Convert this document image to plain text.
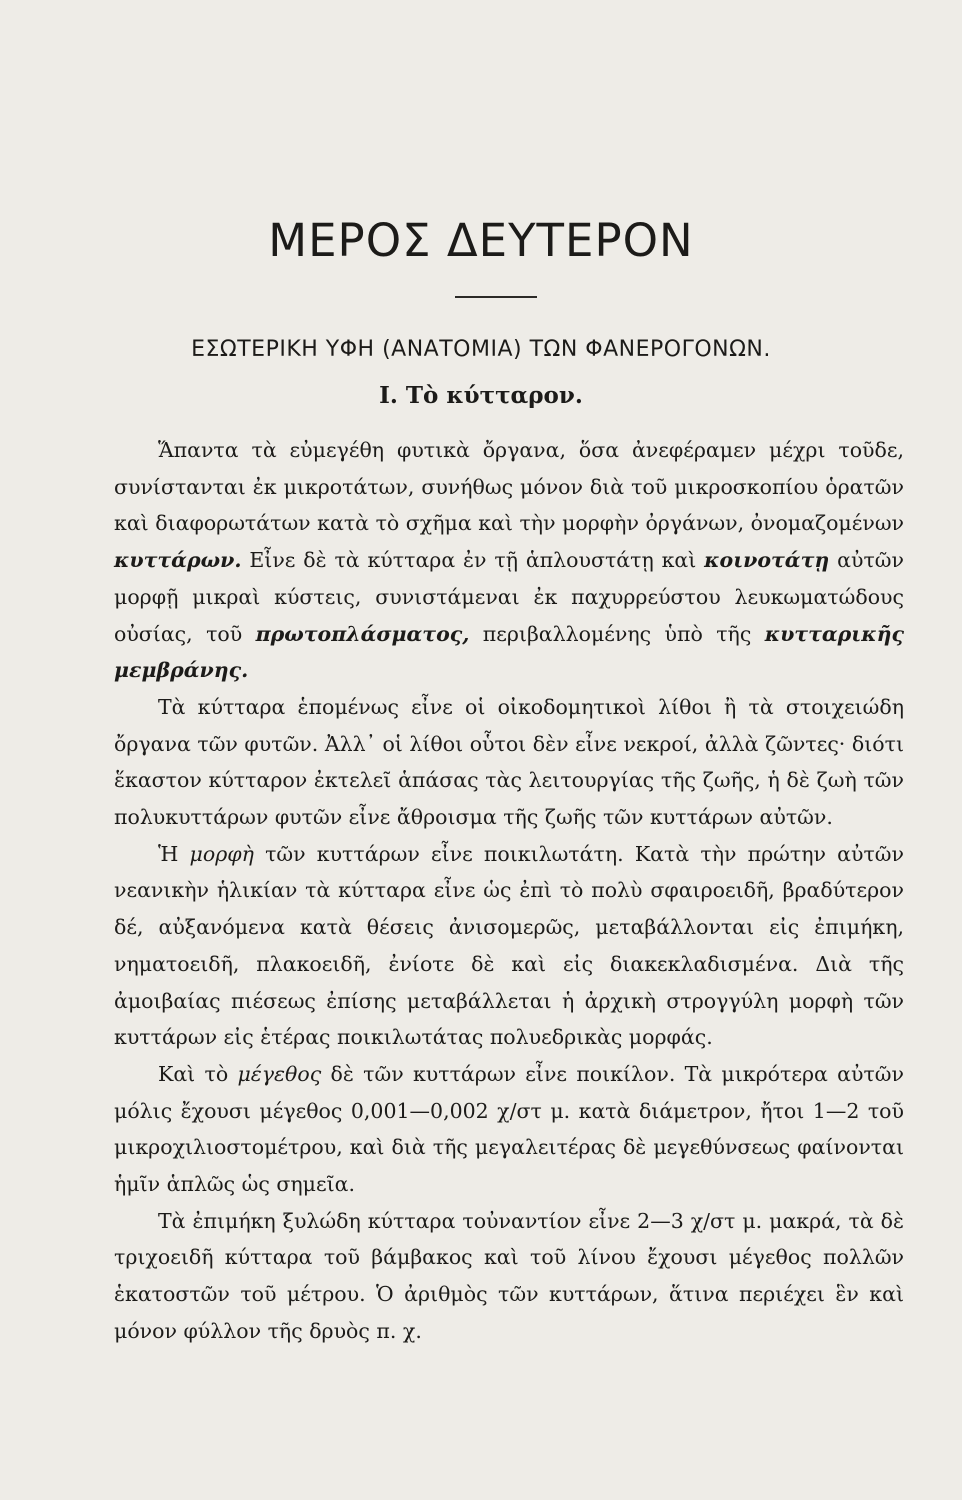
ΜΕΡΟΣ ΔΕΥΤΕΡΟΝ
ΕΣΩΤΕΡΙΚΗ ΥΦΗ (ΑΝΑΤΟΜΙΑ) ΤΩΝ ΦΑΝΕΡΟΓΟΝΩΝ.
Ι. Τὸ κύτταρον.

Ἅπαντα τὰ εὐμεγέθη φυτικὰ ὄργανα, ὅσα ἀνεφέραμεν μέχρι τοῦδε, συνίστανται ἐκ μικροτάτων, συνήθως μόνον διὰ τοῦ μικροσκοπίου ὁρατῶν καὶ διαφορωτάτων κατὰ τὸ σχῆμα καὶ τὴν μορφὴν ὀργάνων, ὀνομαζομένων κυττάρων. Εἶνε δὲ τὰ κύτταρα ἐν τῇ ἁπλουστάτῃ καὶ κοινοτάτῃ αὐτῶν μορφῇ μικραὶ κύστεις, συνιστάμεναι ἐκ παχυρρεύστου λευκωματώδους οὐσίας, τοῦ πρωτοπλάσματος, περιβαλλομένης ὑπὸ τῆς κυτταρικῆς μεμβράνης.

Τὰ κύτταρα ἑπομένως εἶνε οἱ οἰκοδομητικοὶ λίθοι ἢ τὰ στοιχειώδη ὄργανα τῶν φυτῶν. Ἀλλ᾽ οἱ λίθοι οὗτοι δὲν εἶνε νεκροί, ἀλλὰ ζῶντες· διότι ἕκαστον κύτταρον ἐκτελεῖ ἁπάσας τὰς λειτουργίας τῆς ζωῆς, ἡ δὲ ζωὴ τῶν πολυκυττάρων φυτῶν εἶνε ἄθροισμα τῆς ζωῆς τῶν κυττάρων αὐτῶν.

Ἡ μορφὴ τῶν κυττάρων εἶνε ποικιλωτάτη. Κατὰ τὴν πρώτην αὐτῶν νεανικὴν ἡλικίαν τὰ κύτταρα εἶνε ὡς ἐπὶ τὸ πολὺ σφαιροειδῆ, βραδύτερον δέ, αὐξανόμενα κατὰ θέσεις ἀνισομερῶς, μεταβάλλονται εἰς ἐπιμήκη, νηματοειδῆ, πλακοειδῆ, ἐνίοτε δὲ καὶ εἰς διακεκλαδισμένα. Διὰ τῆς ἀμοιβαίας πιέσεως ἐπίσης μεταβάλλεται ἡ ἀρχικὴ στρογγύλη μορφὴ τῶν κυττάρων εἰς ἑτέρας ποικιλωτάτας πολυεδρικὰς μορφάς.

Καὶ τὸ μέγεθος δὲ τῶν κυττάρων εἶνε ποικίλον. Τὰ μικρότερα αὐτῶν μόλις ἔχουσι μέγεθος 0,001—0,002 χ/στ μ. κατὰ διάμετρον, ἤτοι 1—2 τοῦ μικροχιλιοστομέτρου, καὶ διὰ τῆς μεγαλειτέρας δὲ μεγεθύνσεως φαίνονται ἡμῖν ἁπλῶς ὡς σημεῖα.

Τὰ ἐπιμήκη ξυλώδη κύτταρα τοὐναντίον εἶνε 2—3 χ/στ μ. μακρά, τὰ δὲ τριχοειδῆ κύτταρα τοῦ βάμβακος καὶ τοῦ λίνου ἔχουσι μέγεθος πολλῶν ἑκατοστῶν τοῦ μέτρου. Ὁ ἀριθμὸς τῶν κυττάρων, ἅτινα περιέχει ἓν καὶ μόνον φύλλον τῆς δρυὸς π. χ.
